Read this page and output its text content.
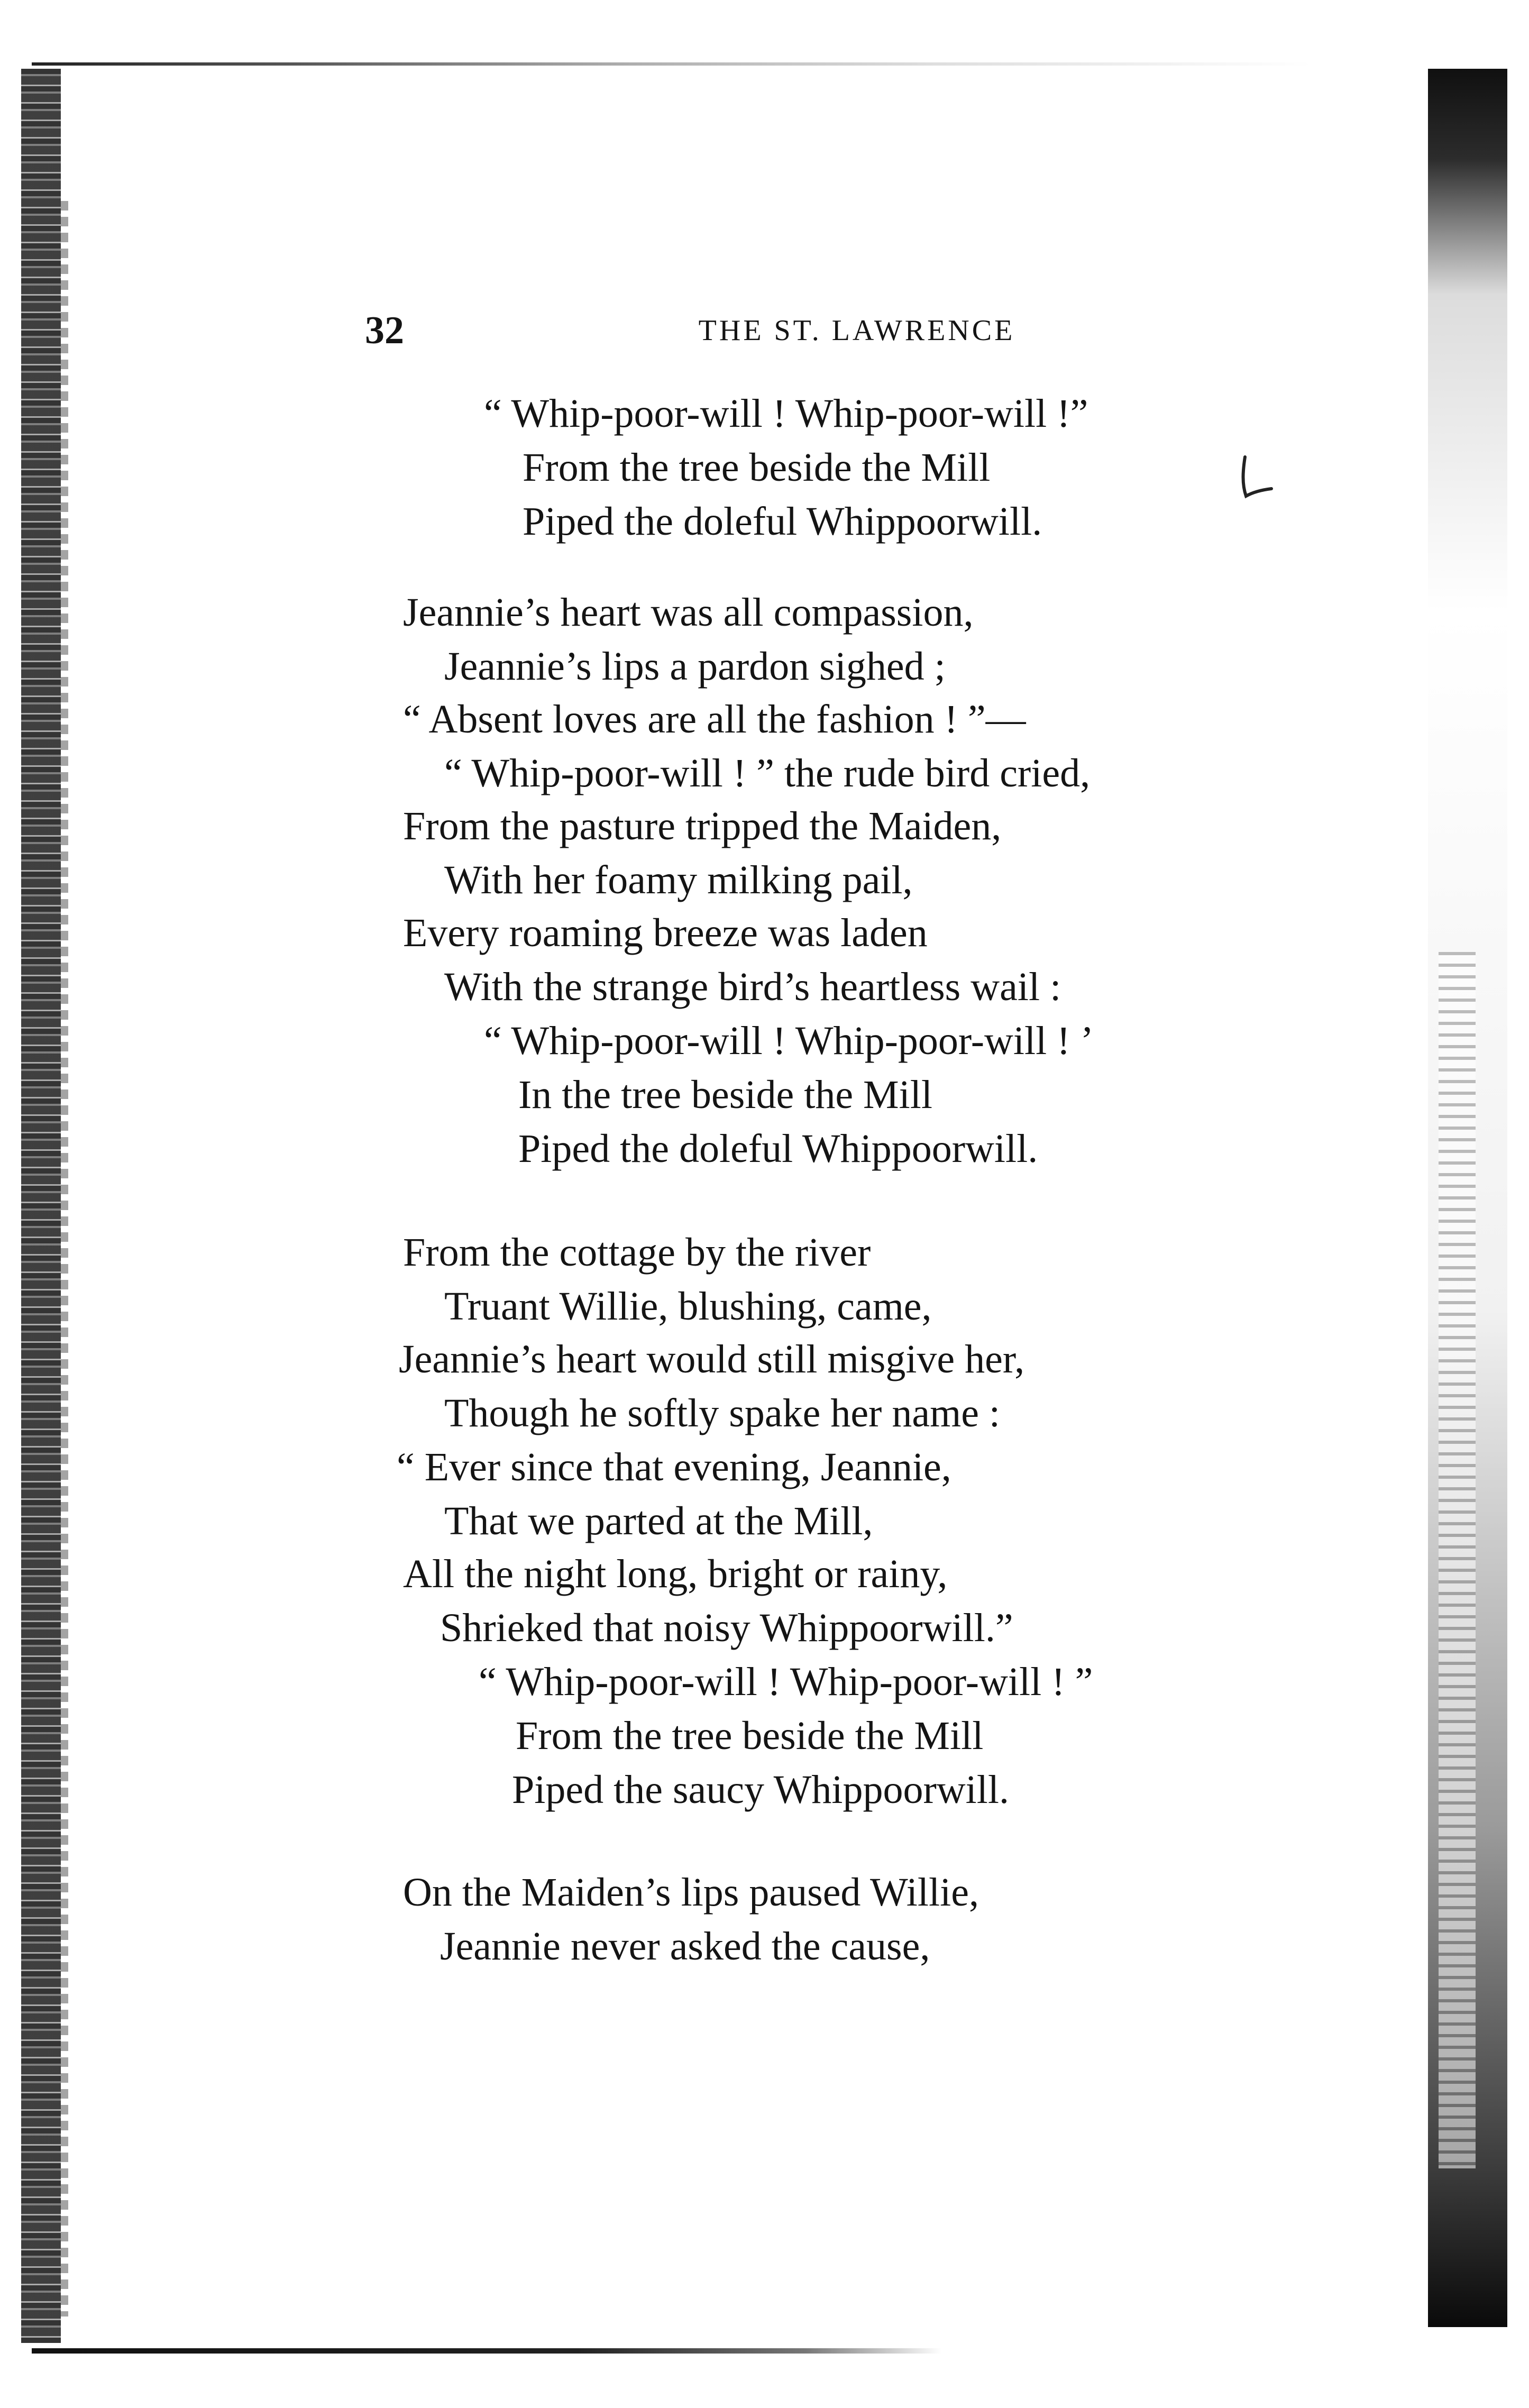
32	THE ST. LAWRENCE
“ Whip-poor-will ! Whip-poor-will !”
From the tree beside the Mill
Piped the doleful Whippoorwill.
Jeannie’s heart was all compassion,
Jeannie’s lips a pardon sighed ;
“ Absent loves are all the fashion ! ”—
“ Whip-poor-will ! ” the rude bird cried,
From the pasture tripped the Maiden,
With her foamy milking pail,
Every roaming breeze was laden
With the strange bird’s heartless wail :
“ Whip-poor-will ! Whip-poor-will ! ’
In the tree beside the Mill
Piped the doleful Whippoorwill.
From the cottage by the river
Truant Willie, blushing, came,
Jeannie’s heart would still misgive her,
Though he softly spake her name :
“ Ever since that evening, Jeannie,
That we parted at the Mill,
All the night long, bright or rainy,
Shrieked that noisy Whippoorwill.”
“ Whip-poor-will ! Whip-poor-will ! ”
From the tree beside the Mill
Piped the saucy Whippoorwill.
On the Maiden’s lips paused Willie,
Jeannie never asked the cause,
